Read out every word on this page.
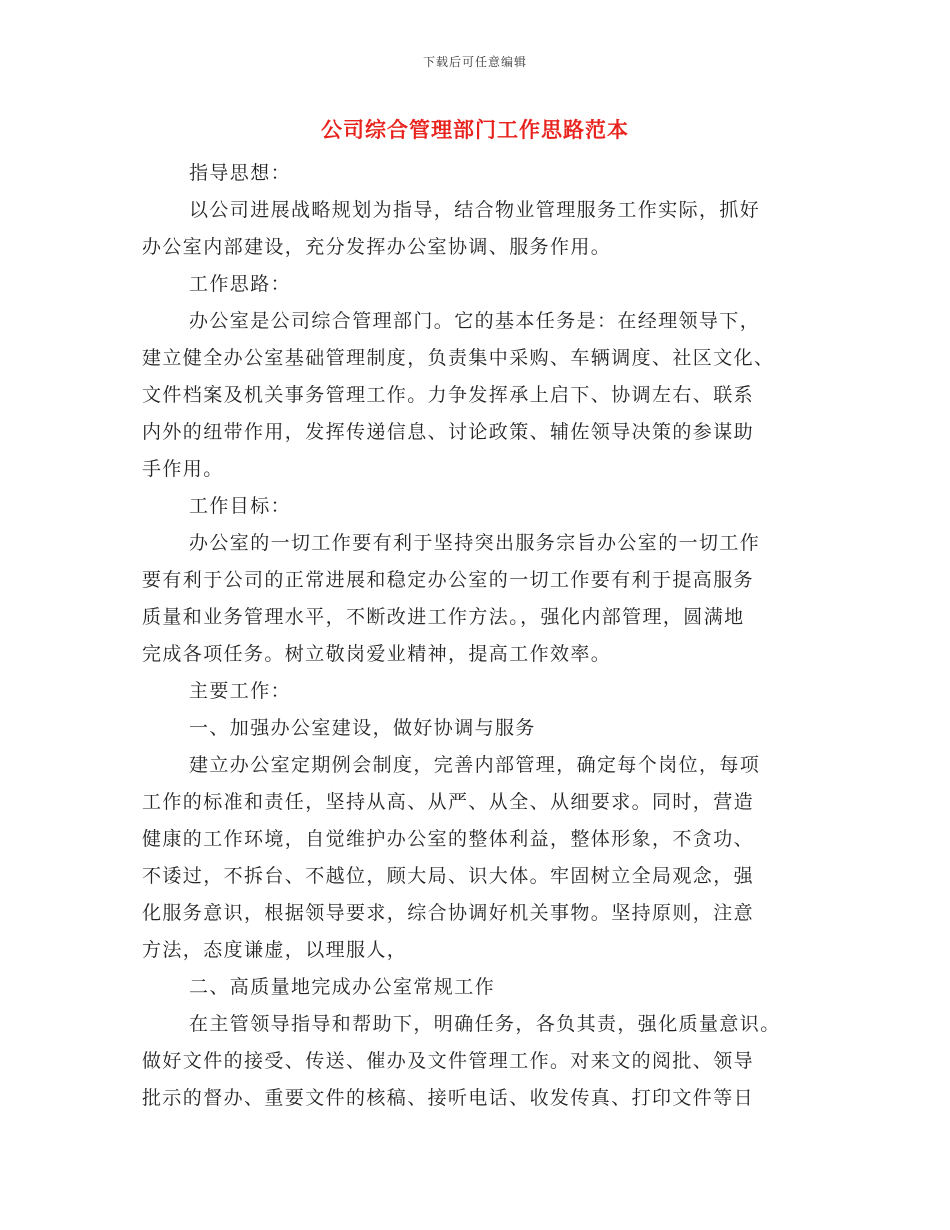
下载后可任意编辑
公司综合管理部门工作思路范本
指导思想：
以公司进展战略规划为指导，结合物业管理服务工作实际，抓好
办公室内部建设，充分发挥办公室协调、服务作用。
工作思路：
办公室是公司综合管理部门。它的基本任务是：在经理领导下，
建立健全办公室基础管理制度，负责集中采购、车辆调度、社区文化、
文件档案及机关事务管理工作。力争发挥承上启下、协调左右、联系
内外的纽带作用，发挥传递信息、讨论政策、辅佐领导决策的参谋助
手作用。
工作目标：
办公室的一切工作要有利于坚持突出服务宗旨办公室的一切工作
要有利于公司的正常进展和稳定办公室的一切工作要有利于提高服务
质量和业务管理水平，不断改进工作方法。，强化内部管理，圆满地
完成各项任务。树立敬岗爱业精神，提高工作效率。
主要工作：
一、加强办公室建设，做好协调与服务
建立办公室定期例会制度，完善内部管理，确定每个岗位，每项
工作的标准和责任，坚持从高、从严、从全、从细要求。同时，营造
健康的工作环境，自觉维护办公室的整体利益，整体形象，不贪功、
不诿过，不拆台、不越位，顾大局、识大体。牢固树立全局观念，强
化服务意识，根据领导要求，综合协调好机关事物。坚持原则，注意
方法，态度谦虚，以理服人，
二、高质量地完成办公室常规工作
在主管领导指导和帮助下，明确任务，各负其责，强化质量意识。
做好文件的接受、传送、催办及文件管理工作。对来文的阅批、领导
批示的督办、重要文件的核稿、接听电话、收发传真、打印文件等日
